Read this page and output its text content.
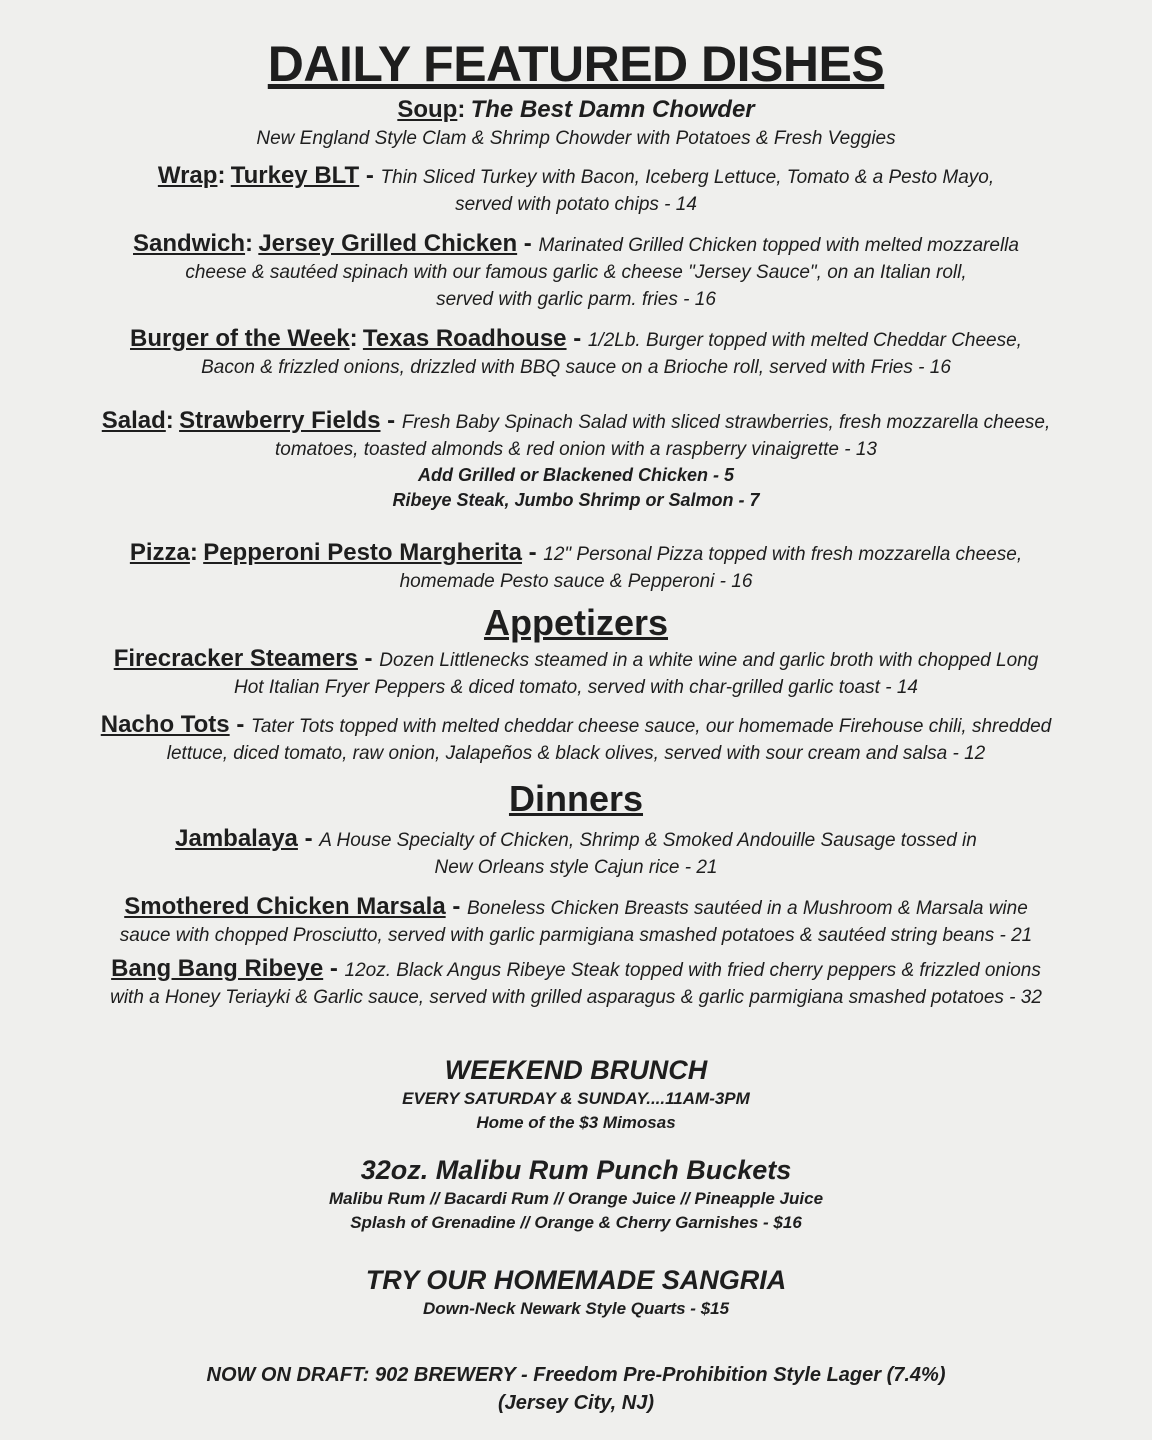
DAILY FEATURED DISHES
Soup: The Best Damn Chowder
New England Style Clam & Shrimp Chowder with Potatoes & Fresh Veggies
Wrap: Turkey BLT - Thin Sliced Turkey with Bacon, Iceberg Lettuce, Tomato & a Pesto Mayo,
served with potato chips - 14
Sandwich: Jersey Grilled Chicken - Marinated Grilled Chicken topped with melted mozzarella
cheese & sautéed spinach with our famous garlic & cheese "Jersey Sauce", on an Italian roll,
served with garlic parm. fries - 16
Burger of the Week: Texas Roadhouse - 1/2Lb. Burger topped with melted Cheddar Cheese,
Bacon & frizzled onions, drizzled with BBQ sauce on a Brioche roll, served with Fries - 16
Salad: Strawberry Fields - Fresh Baby Spinach Salad with sliced strawberries, fresh mozzarella cheese,
tomatoes, toasted almonds & red onion with a raspberry vinaigrette - 13
Add Grilled or Blackened Chicken - 5
Ribeye Steak, Jumbo Shrimp or Salmon - 7
Pizza: Pepperoni Pesto Margherita - 12" Personal Pizza topped with fresh mozzarella cheese,
homemade Pesto sauce & Pepperoni - 16
Appetizers
Firecracker Steamers - Dozen Littlenecks steamed in a white wine and garlic broth with chopped Long
Hot Italian Fryer Peppers & diced tomato, served with char-grilled garlic toast - 14
Nacho Tots - Tater Tots topped with melted cheddar cheese sauce, our homemade Firehouse chili, shredded
lettuce, diced tomato, raw onion, Jalapeños & black olives, served with sour cream and salsa - 12
Dinners
Jambalaya - A House Specialty of Chicken, Shrimp & Smoked Andouille Sausage tossed in
New Orleans style Cajun rice - 21
Smothered Chicken Marsala - Boneless Chicken Breasts sautéed in a Mushroom & Marsala wine
sauce with chopped Prosciutto, served with garlic parmigiana smashed potatoes & sautéed string beans - 21
Bang Bang Ribeye - 12oz. Black Angus Ribeye Steak topped with fried cherry peppers & frizzled onions
with a Honey Teriayki & Garlic sauce, served with grilled asparagus & garlic parmigiana smashed potatoes - 32
WEEKEND BRUNCH
EVERY SATURDAY & SUNDAY....11AM-3PM
Home of the $3 Mimosas
32oz. Malibu Rum Punch Buckets
Malibu Rum // Bacardi Rum // Orange Juice // Pineapple Juice
Splash of Grenadine // Orange & Cherry Garnishes - $16
TRY OUR HOMEMADE SANGRIA
Down-Neck Newark Style Quarts - $15
NOW ON DRAFT: 902 BREWERY - Freedom Pre-Prohibition Style Lager (7.4%)
(Jersey City, NJ)
